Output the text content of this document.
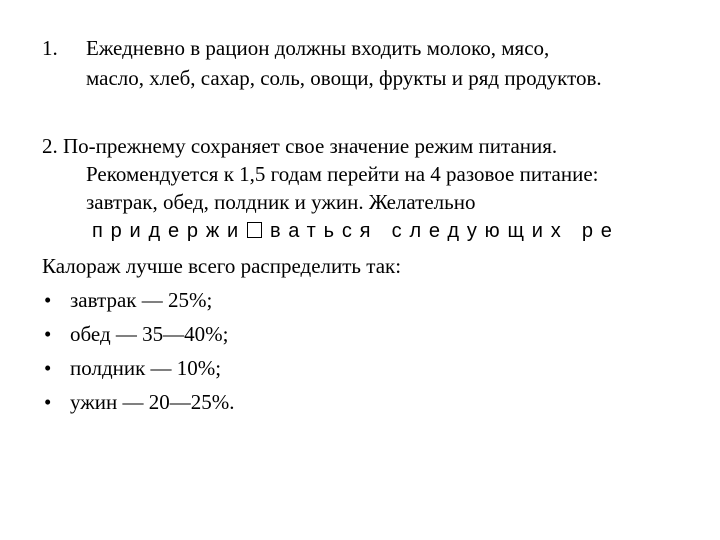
1. Ежедневно в рацион должны входить молоко, мясо,
масло, хлеб, сахар, соль, овощи, фрукты и ряд продуктов.
2. По-прежнему сохраняет свое значение режим питания.
Рекомендуется к 1,5 годам перейти на 4 разовое питание:
завтрак, обед, полдник и ужин. Желательно
придержи ваться следующих ре
Калораж лучше всего распределить так:
• завтрак — 25%;
• обед — 35—40%;
• полдник — 10%;
• ужин — 20—25%.
